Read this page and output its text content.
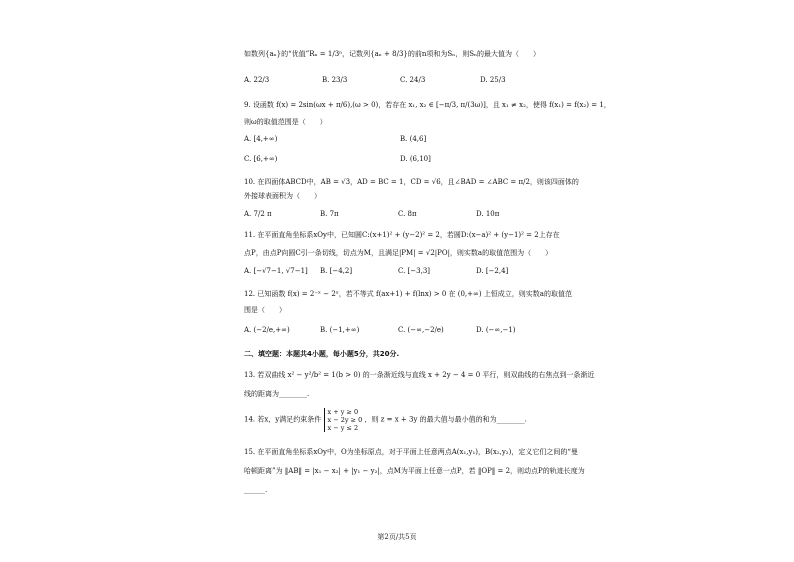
如数列{aₙ}的“优值”Rₙ = 1/3ⁿ，记数列{aₙ + 8/3}的前n项和为Sₙ，则Sₙ的最大值为（　　）
A. 22/3	B. 23/3	C. 24/3	D. 25/3
9. 设函数 f(x) = 2sin(ωx + π/6),(ω > 0)，若存在 x₁, x₂ ∈ [−π/3, π/(3ω)]，且 x₁ ≠ x₂，使得 f(x₁) = f(x₂) = 1，
则ω的取值范围是（　　）
A. [4,+∞)	B. (4,6]
C. [6,+∞)	D. (6,10]
10. 在四面体ABCD中，AB = √3，AD = BC = 1，CD = √6，且∠BAD = ∠ABC = π/2，则该四面体的
外接球表面积为（　　）
A. 7/2 π	B. 7π	C. 8π	D. 10π
11. 在平面直角坐标系xOy中，已知圆C:(x+1)² + (y−2)² = 2，若圆D:(x−a)² + (y−1)² = 2上存在
点P，由点P向圆C引一条切线，切点为M，且满足|PM| = √2|PO|，则实数a的取值范围为（　　）
A. [−√7−1, √7−1] B. [−4,2]	C. [−3,3]	D. [−2,4]
12. 已知函数 f(x) = 2⁻ˣ − 2ˣ，若不等式 f(ax+1) + f(lnx) > 0 在 (0,+∞) 上恒成立，则实数a的取值范
围是（　　）
A. (−2/e,+∞)	B. (−1,+∞)	C. (−∞,−2/e)	D. (−∞,−1)
二、填空题：本题共4小题，每小题5分，共20分.
13. 若双曲线 x² − y²/b² = 1(b > 0) 的一条渐近线与直线 x + 2y − 4 = 0 平行，则双曲线的右焦点到一条渐近
线的距离为________.
14. 若x，y满足约束条件
x + y ≥ 0
x − 2y ≥ 0
x − y ≤ 2
，则 z = x + 3y 的最大值与最小值的和为________.
15. 在平面直角坐标系xOy中，O为坐标原点，对于平面上任意两点A(x₁,y₁)，B(x₂,y₂)，定义它们之间的“曼
哈顿距离”为 ‖AB‖ = |x₁ − x₂| + |y₁ − y₂|，点M为平面上任意一点P，若 ‖OP‖ = 2，则动点P的轨迹长度为
______.
第2页/共5页
